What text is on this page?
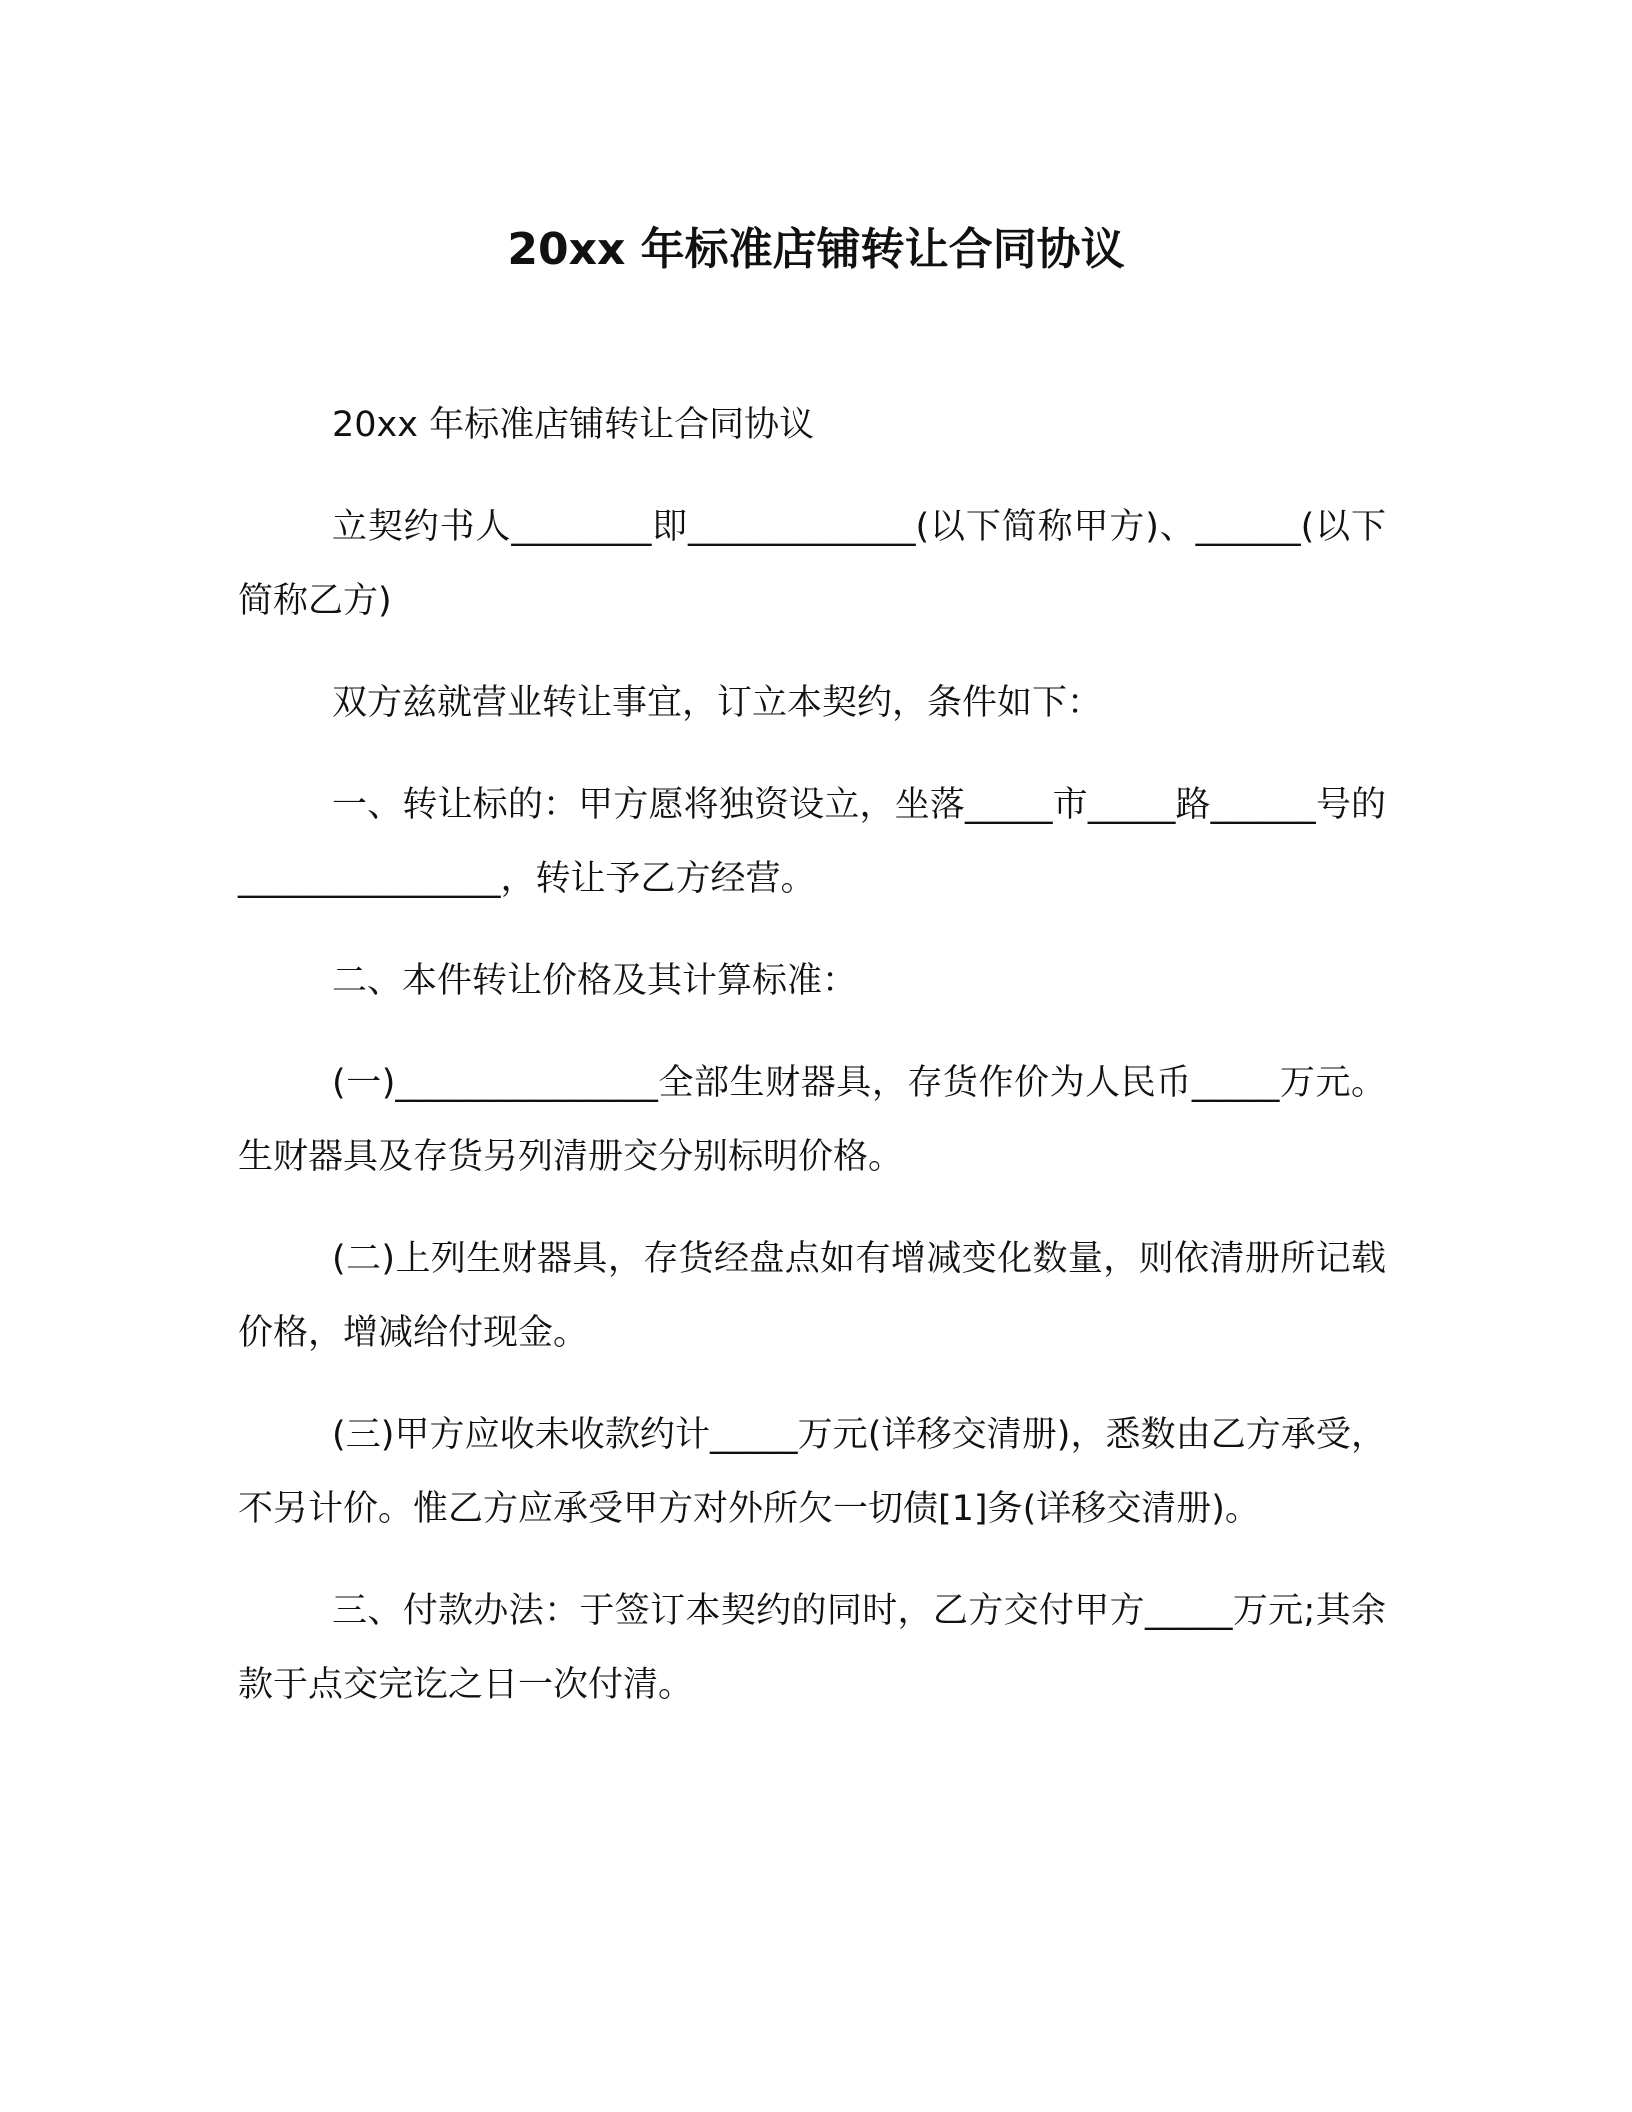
20xx 年标准店铺转让合同协议

20xx 年标准店铺转让合同协议

立契约书人________即_____________(以下简称甲方)、______(以下简称乙方)

双方兹就营业转让事宜，订立本契约，条件如下：

一、转让标的：甲方愿将独资设立，坐落_____市_____路______号的_______________，转让予乙方经营。

二、本件转让价格及其计算标准：

(一)_______________全部生财器具，存货作价为人民币_____万元。生财器具及存货另列清册交分别标明价格。

(二)上列生财器具，存货经盘点如有增减变化数量，则依清册所记载价格，增减给付现金。

(三)甲方应收未收款约计_____万元(详移交清册)，悉数由乙方承受，不另计价。惟乙方应承受甲方对外所欠一切债[1]务(详移交清册)。

三、付款办法：于签订本契约的同时，乙方交付甲方_____万元;其余款于点交完讫之日一次付清。
